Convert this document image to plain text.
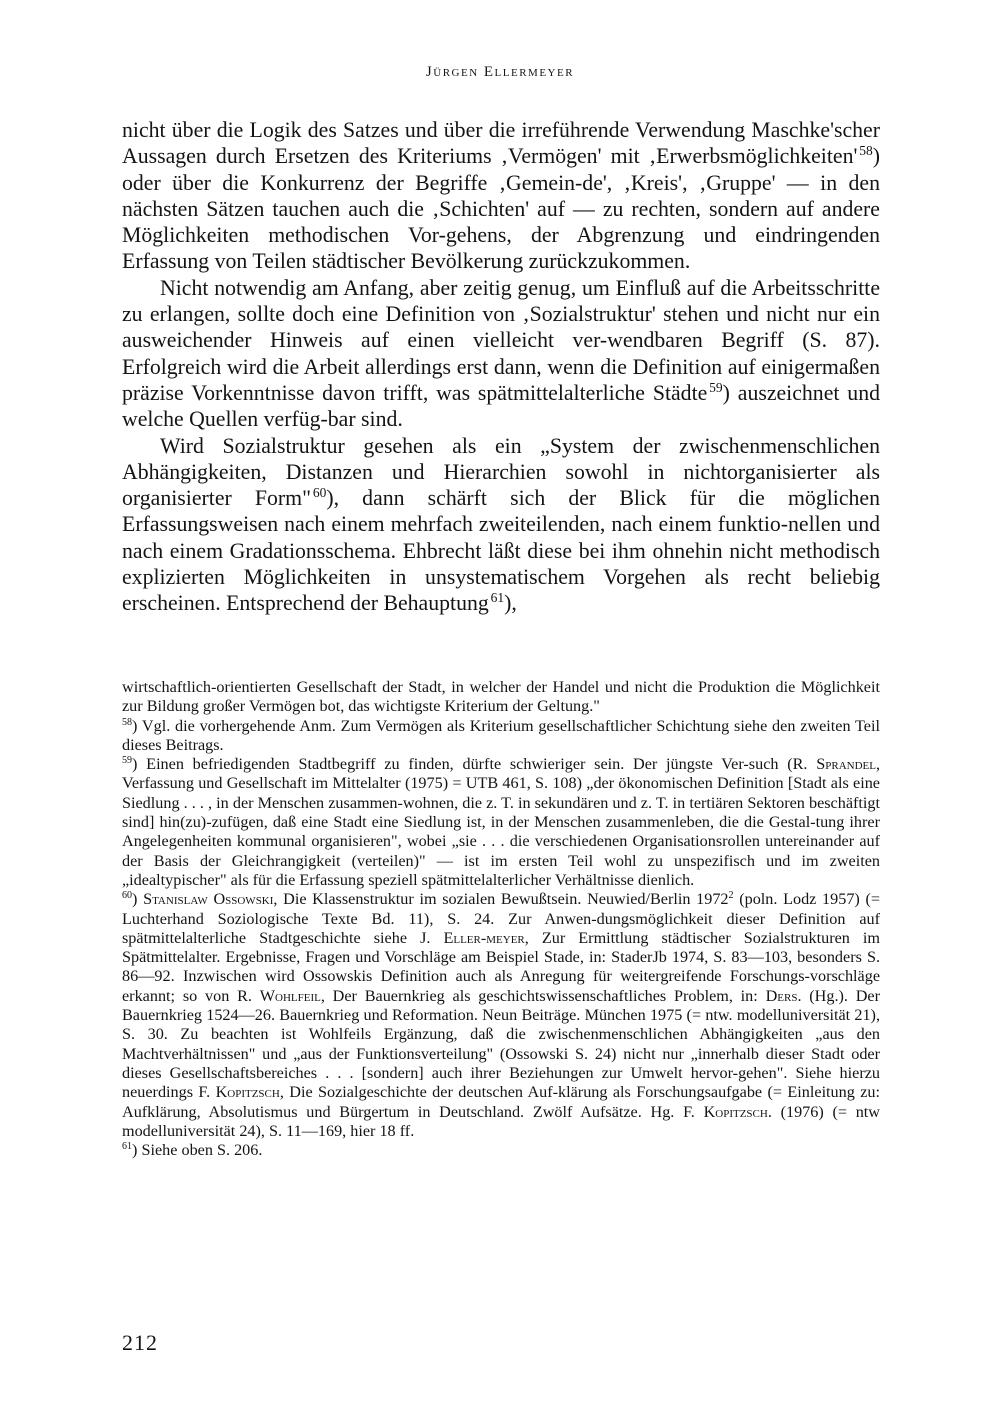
Jürgen Ellermeyer

nicht über die Logik des Satzes und über die irreführende Verwendung Maschke'scher Aussagen durch Ersetzen des Kriteriums ‚Vermögen' mit ‚Erwerbsmöglichkeiten'  $^{58}$) oder über die Konkurrenz der Begriffe ‚Gemein-de', ‚Kreis', ‚Gruppe' — in den nächsten Sätzen tauchen auch die ‚Schichten' auf — zu rechten, sondern auf andere Möglichkeiten methodischen Vor-gehens, der Abgrenzung und eindringenden Erfassung von Teilen städtischer Bevölkerung zurückzukommen.

Nicht notwendig am Anfang, aber zeitig genug, um Einfluß auf die Arbeitsschritte zu erlangen, sollte doch eine Definition von ‚Sozialstruktur' stehen und nicht nur ein ausweichender Hinweis auf einen vielleicht ver-wendbaren Begriff (S. 87). Erfolgreich wird die Arbeit allerdings erst dann, wenn die Definition auf einigermaßen präzise Vorkenntnisse davon trifft, was spätmittelalterliche Städte  $^{59}$) auszeichnet und welche Quellen verfüg-bar sind.

Wird Sozialstruktur gesehen als ein „System der zwischenmenschlichen Abhängigkeiten, Distanzen und Hierarchien sowohl in nichtorganisierter als organisierter Form"  $^{60}$), dann schärft sich der Blick für die möglichen Erfassungsweisen nach einem mehrfach zweiteilenden, nach einem funktio-nellen und nach einem Gradationsschema. Ehbrecht läßt diese bei ihm ohnehin nicht methodisch explizierten Möglichkeiten in unsystematischem Vorgehen als recht beliebig erscheinen. Entsprechend der Behauptung  $^{61}$),

wirtschaftlich-orientierten Gesellschaft der Stadt, in welcher der Handel und nicht die Produktion die Möglichkeit zur Bildung großer Vermögen bot, das wichtigste Kriterium der Geltung."

$^{58}$) Vgl. die vorhergehende Anm. Zum Vermögen als Kriterium gesellschaftlicher Schichtung siehe den zweiten Teil dieses Beitrags.

$^{59}$) Einen befriedigenden Stadtbegriff zu finden, dürfte schwieriger sein. Der jüngste Ver-such (R. Sprandel, Verfassung und Gesellschaft im Mittelalter (1975) = UTB 461, S. 108) „der ökonomischen Definition [Stadt als eine Siedlung . . . , in der Menschen zusammen-wohnen, die z. T. in sekundären und z. T. in tertiären Sektoren beschäftigt sind] hin(zu)-zufügen, daß eine Stadt eine Siedlung ist, in der Menschen zusammenleben, die die Gestal-tung ihrer Angelegenheiten kommunal organisieren", wobei „sie . . . die verschiedenen Organisationsrollen untereinander auf der Basis der Gleichrangigkeit (verteilen)" — ist im ersten Teil wohl zu unspezifisch und im zweiten „idealtypischer" als für die Erfassung speziell spätmittelalterlicher Verhältnisse dienlich.

$^{60}$) Stanislaw Ossowski, Die Klassenstruktur im sozialen Bewußtsein. Neuwied/Berlin 1972$^2$ (poln. Lodz 1957) (= Luchterhand Soziologische Texte Bd. 11), S. 24. Zur Anwen-dungsmöglichkeit dieser Definition auf spätmittelalterliche Stadtgeschichte siehe J. Eller-meyer, Zur Ermittlung städtischer Sozialstrukturen im Spätmittelalter. Ergebnisse, Fragen und Vorschläge am Beispiel Stade, in: StaderJb 1974, S. 83—103, besonders S. 86—92. Inzwischen wird Ossowskis Definition auch als Anregung für weitergreifende Forschungs-vorschläge erkannt; so von R. Wohlfeil, Der Bauernkrieg als geschichtswissenschaftliches Problem, in: Ders. (Hg.). Der Bauernkrieg 1524—26. Bauernkrieg und Reformation. Neun Beiträge. München 1975 (= ntw. modelluniversität 21), S. 30. Zu beachten ist Wohlfeils Ergänzung, daß die zwischenmenschlichen Abhängigkeiten „aus den Machtverhältnissen" und „aus der Funktionsverteilung" (Ossowski S. 24) nicht nur „innerhalb dieser Stadt oder dieses Gesellschaftsbereiches . . . [sondern] auch ihrer Beziehungen zur Umwelt hervor-gehen". Siehe hierzu neuerdings F. Kopitzsch, Die Sozialgeschichte der deutschen Auf-klärung als Forschungsaufgabe (= Einleitung zu: Aufklärung, Absolutismus und Bürgertum in Deutschland. Zwölf Aufsätze. Hg. F. Kopitzsch. (1976) (= ntw modelluniversität 24), S. 11—169, hier 18 ff.

$^{61}$) Siehe oben S. 206.

212
